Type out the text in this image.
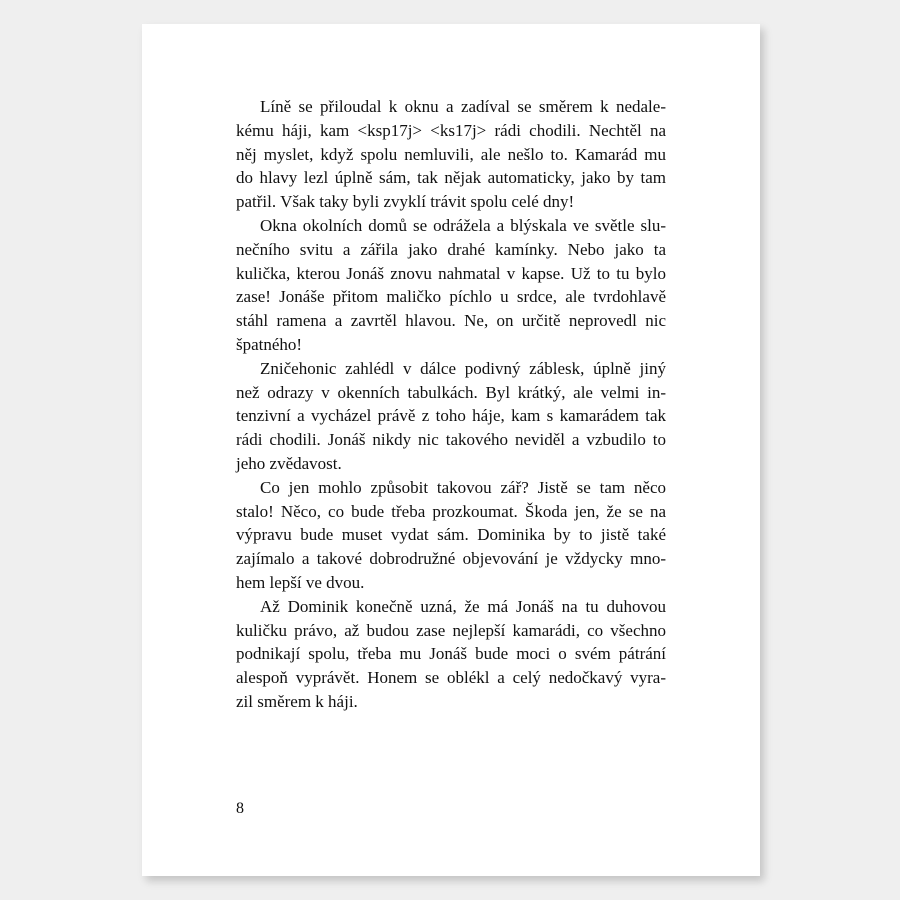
Líně se přiloudal k oknu a zadíval se směrem k nedale-
kému háji, kam <ksp17j> <ks17j> rádi chodili. Nechtěl na
něj myslet, když spolu nemluvili, ale nešlo to. Kamarád mu
do hlavy lezl úplně sám, tak nějak automaticky, jako by tam
patřil. Však taky byli zvyklí trávit spolu celé dny!

Okna okolních domů se odrážela a blýskala ve světle slu-
nečního svitu a zářila jako drahé kamínky. Nebo jako ta
kulička, kterou Jonáš znovu nahmatal v kapse. Už to tu bylo
zase! Jonáše přitom maličko píchlo u srdce, ale tvrdohlavě
stáhl ramena a zavrtěl hlavou. Ne, on určitě neprovedl nic
špatného!

Zničehonic zahlédl v dálce podivný záblesk, úplně jiný
než odrazy v okenních tabulkách. Byl krátký, ale velmi in-
tenzivní a vycházel právě z toho háje, kam s kamarádem tak
rádi chodili. Jonáš nikdy nic takového neviděl a vzbudilo to
jeho zvědavost.

Co jen mohlo způsobit takovou zář? Jistě se tam něco
stalo! Něco, co bude třeba prozkoumat. Škoda jen, že se na
výpravu bude muset vydat sám. Dominika by to jistě také
zajímalo a takové dobrodružné objevování je vždycky mno-
hem lepší ve dvou.

Až Dominik konečně uzná, že má Jonáš na tu duhovou
kuličku právo, až budou zase nejlepší kamarádi, co všechno
podnikají spolu, třeba mu Jonáš bude moci o svém pátrání
alespoň vyprávět. Honem se oblékl a celý nedočkavý vyra-
zil směrem k háji.

8
